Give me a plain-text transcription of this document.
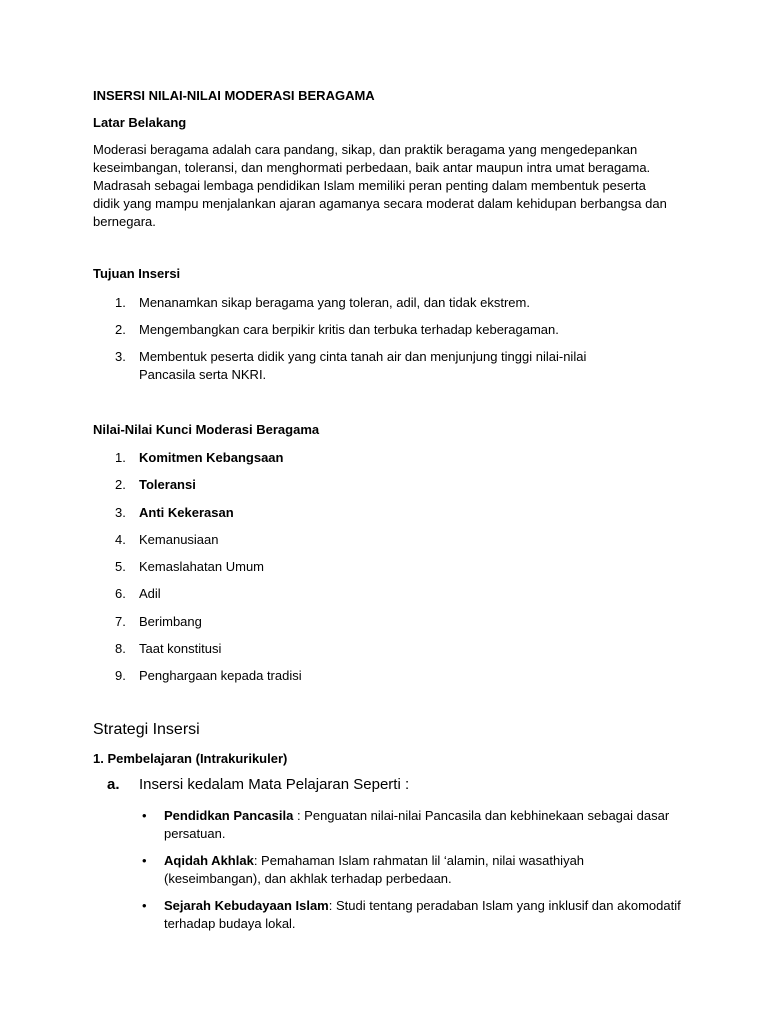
INSERSI NILAI-NILAI MODERASI BERAGAMA
Latar Belakang
Moderasi beragama adalah cara pandang, sikap, dan praktik beragama yang mengedepankan keseimbangan, toleransi, dan menghormati perbedaan, baik antar maupun intra umat beragama. Madrasah sebagai lembaga pendidikan Islam memiliki peran penting dalam membentuk peserta didik yang mampu menjalankan ajaran agamanya secara moderat dalam kehidupan berbangsa dan bernegara.
Tujuan Insersi
1. Menanamkan sikap beragama yang toleran, adil, dan tidak ekstrem.
2. Mengembangkan cara berpikir kritis dan terbuka terhadap keberagaman.
3. Membentuk peserta didik yang cinta tanah air dan menjunjung tinggi nilai-nilai Pancasila serta NKRI.
Nilai-Nilai Kunci Moderasi Beragama
1. Komitmen Kebangsaan
2. Toleransi
3. Anti Kekerasan
4. Kemanusiaan
5. Kemaslahatan Umum
6. Adil
7. Berimbang
8. Taat konstitusi
9. Penghargaan kepada tradisi
Strategi Insersi
1. Pembelajaran (Intrakurikuler)
a. Insersi kedalam Mata Pelajaran Seperti :
• Pendidkan Pancasila : Penguatan nilai-nilai Pancasila dan kebhinekaan sebagai dasar persatuan.
• Aqidah Akhlak: Pemahaman Islam rahmatan lil ‘alamin, nilai wasathiyah (keseimbangan), dan akhlak terhadap perbedaan.
• Sejarah Kebudayaan Islam: Studi tentang peradaban Islam yang inklusif dan akomodatif terhadap budaya lokal.
